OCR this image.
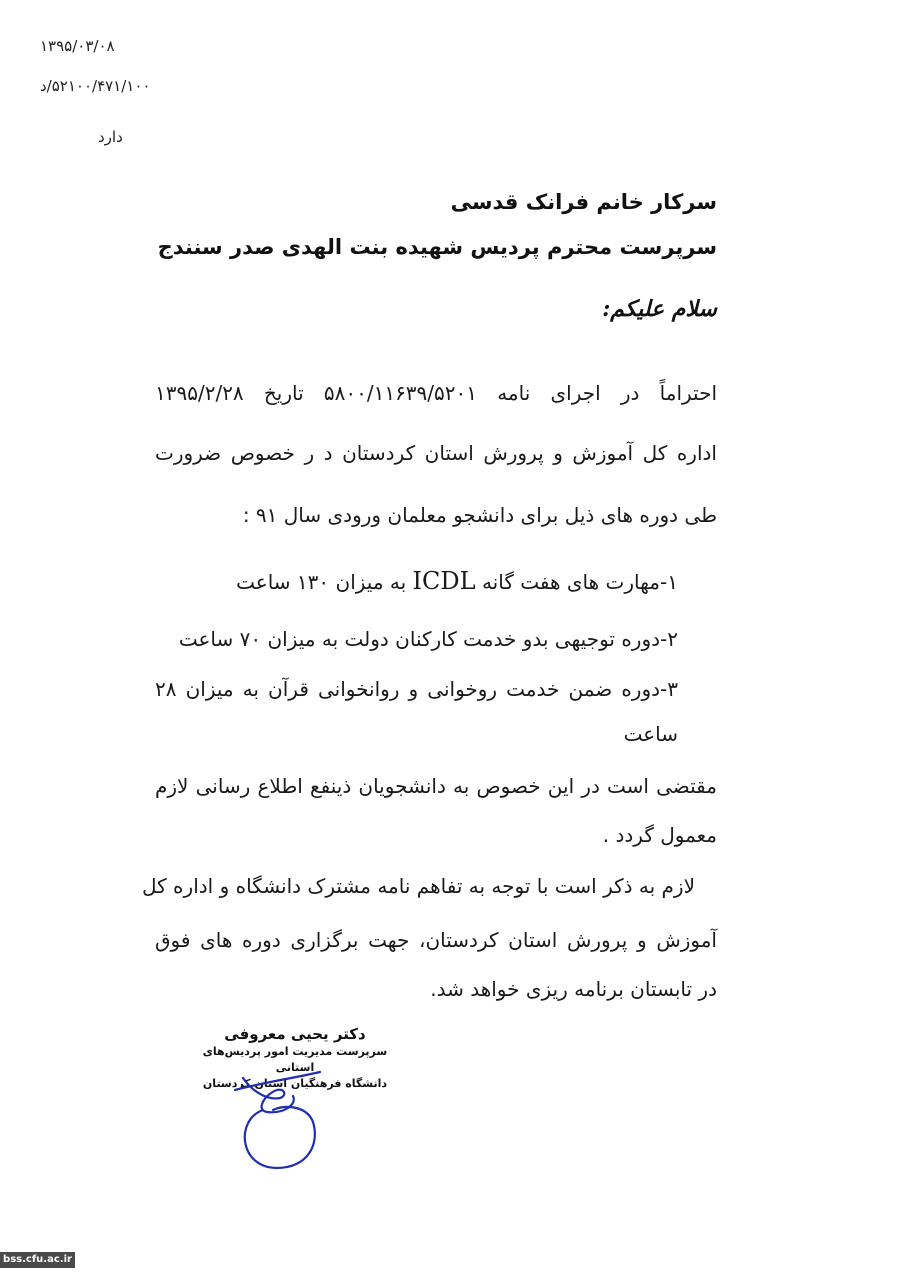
۱۳۹۵/۰۳/۰۸
۵۲۱۰۰/۴۷۱/۱۰۰/د
دارد
سرکار خانم فرانک قدسی
سرپرست محترم پردیس شهیده بنت الهدی صدر سنندج
سلام علیکم:
احتراماً در اجرای نامه ۵۸۰۰/۱۱۶۳۹/۵۲۰۱ تاریخ ۱۳۹۵/۲/۲۸
اداره کل آموزش و پرورش استان کردستان د ر خصوص ضرورت
طی دوره های ذیل برای دانشجو معلمان ورودی سال ۹۱ :
۱-مهارت های هفت گانه ICDL به میزان ۱۳۰ ساعت
۲-دوره توجیهی بدو خدمت کارکنان دولت به میزان ۷۰ ساعت
۳-دوره ضمن خدمت روخوانی و روانخوانی قرآن به میزان ۲۸
ساعت
مقتضی است در این خصوص به دانشجویان ذینفع اطلاع رسانی لازم
معمول گردد .
لازم به ذکر است با توجه به تفاهم نامه مشترک دانشگاه و اداره کل
آموزش و پرورش استان کردستان، جهت برگزاری دوره های فوق
در تابستان برنامه ریزی خواهد شد.
دکتر یحیی معروفی
سرپرست مدیریت امور پردیس‌های استانی
دانشگاه فرهنگیان استان کردستان
bss.cfu.ac.ir
